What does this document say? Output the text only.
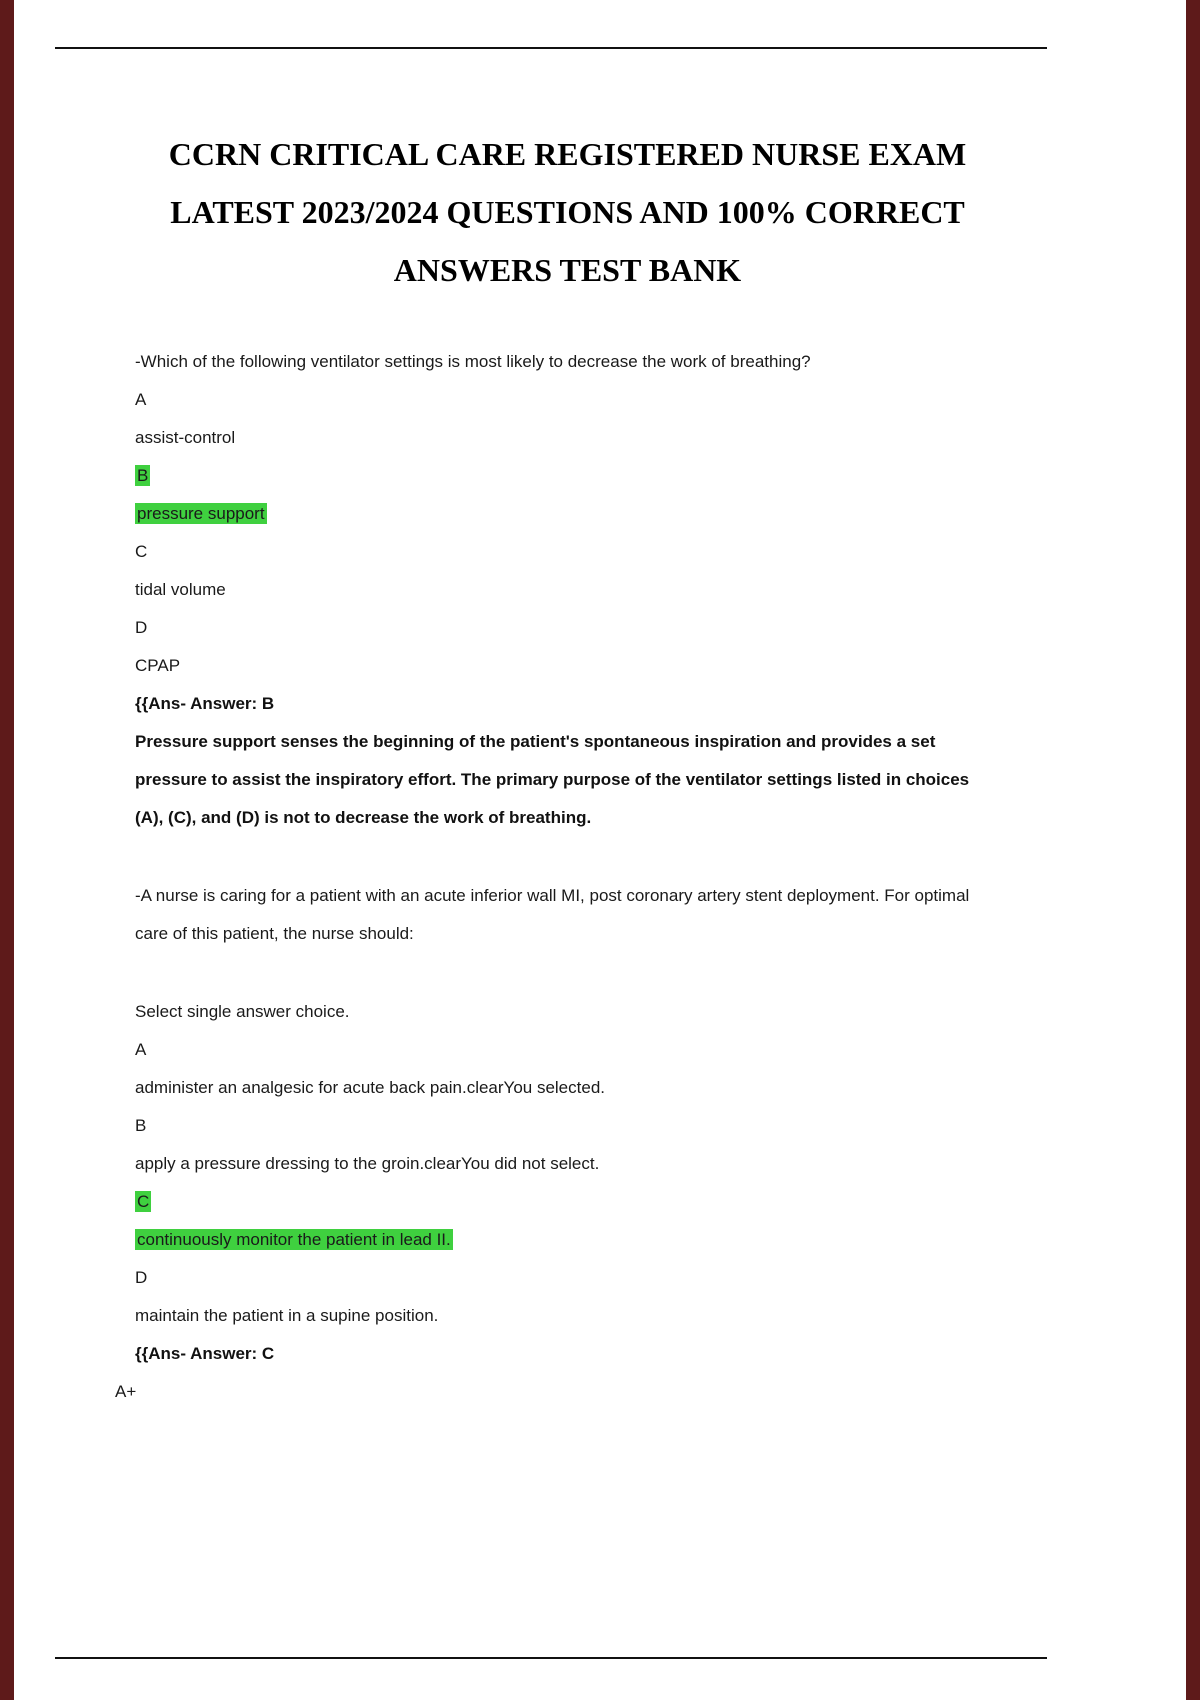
CCRN CRITICAL CARE REGISTERED NURSE EXAM
LATEST 2023/2024 QUESTIONS AND 100% CORRECT
ANSWERS TEST BANK

-Which of the following ventilator settings is most likely to decrease the work of breathing?

A

assist-control

B

pressure support

C

tidal volume

D

CPAP

{{Ans- Answer: B

Pressure support senses the beginning of the patient's spontaneous inspiration and provides a set pressure to assist the inspiratory effort. The primary purpose of the ventilator settings listed in choices (A), (C), and (D) is not to decrease the work of breathing.

-A nurse is caring for a patient with an acute inferior wall MI, post coronary artery stent deployment. For optimal care of this patient, the nurse should:

Select single answer choice.

A

administer an analgesic for acute back pain.clearYou selected.

B

apply a pressure dressing to the groin.clearYou did not select.

C

continuously monitor the patient in lead II.

D

maintain the patient in a supine position.

{{Ans- Answer: C

A+
